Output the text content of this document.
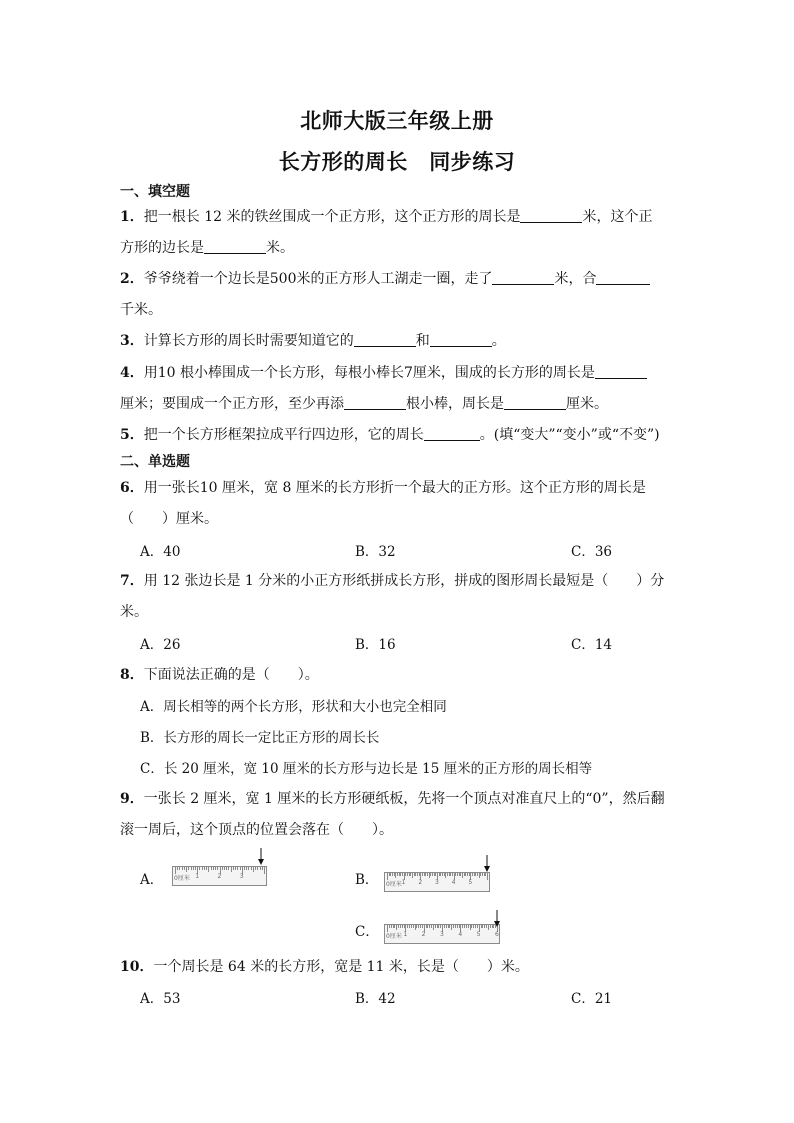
北师大版三年级上册
长方形的周长　同步练习
一、填空题
1．把一根长 12 米的铁丝围成一个正方形，这个正方形的周长是	米，这个正
方形的边长是	米。
2．爷爷绕着一个边长是500米的正方形人工湖走一圈，走了	米，合
千米。
3．计算长方形的周长时需要知道它的	和	。
4．用10 根小棒围成一个长方形，每根小棒长7厘米，围成的长方形的周长是
厘米；要围成一个正方形，至少再添	根小棒，周长是	厘米。
5．把一个长方形框架拉成平行四边形，它的周长	。(填“变大”“变小”或“不变”)
二、单选题
6．用一张长10 厘米，宽 8 厘米的长方形折一个最大的正方形。这个正方形的周长是
（　　）厘米。
A．40	B．32	C．36
7．用 12 张边长是 1 分米的小正方形纸拼成长方形，拼成的图形周长最短是（　　）分
米。
A．26	B．16	C．14
8．下面说法正确的是（　　）。
A．周长相等的两个长方形，形状和大小也完全相同
B．长方形的周长一定比正方形的周长长
C．长 20 厘米，宽 10 厘米的长方形与边长是 15 厘米的正方形的周长相等
9．一张长 2 厘米，宽 1 厘米的长方形硬纸板，先将一个顶点对准直尺上的“0”，然后翻
滚一周后，这个顶点的位置会落在（　　）。
A． 0厘米 1	2	3	B． 0厘米 1 2 3 4 5
C． 0厘米 1 2 3 4 5 6
10．一个周长是 64 米的长方形，宽是 11 米，长是（　　）米。
A．53	B．42	C．21
